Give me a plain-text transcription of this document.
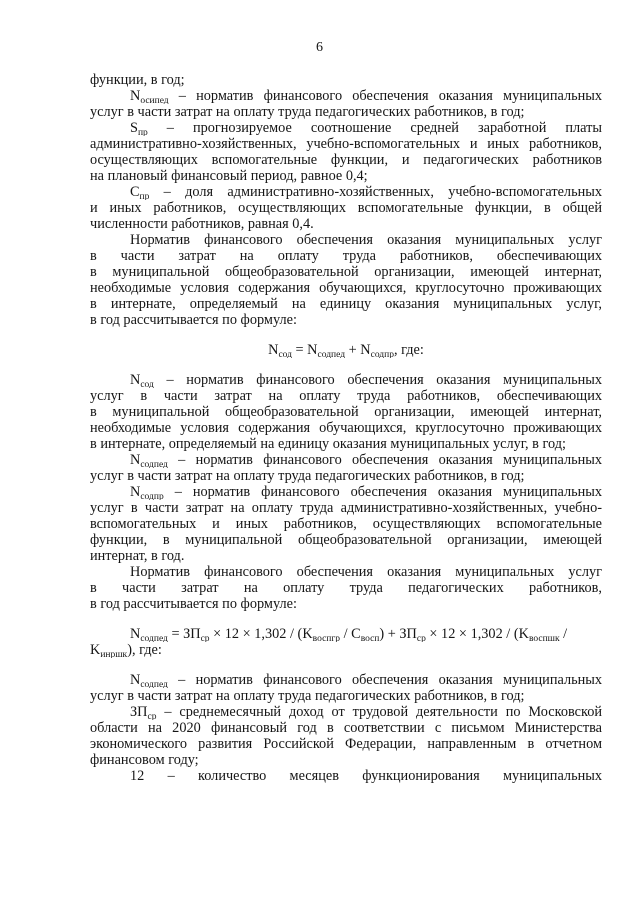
6
функции, в год;
$N_{осипед}$ – норматив финансового обеспечения оказания муниципальных
услуг в части затрат на оплату труда педагогических работников, в год;
$S_{пр}$ – прогнозируемое соотношение средней заработной платы
административно-хозяйственных, учебно-вспомогательных и иных работников,
осуществляющих вспомогательные функции, и педагогических работников
на плановый финансовый период, равное 0,4;
$С_{пр}$ – доля административно-хозяйственных, учебно-вспомогательных
и иных работников, осуществляющих вспомогательные функции, в общей
численности работников, равная 0,4.
Норматив финансового обеспечения оказания муниципальных услуг
в части затрат на оплату труда работников, обеспечивающих
в муниципальной общеобразовательной организации, имеющей интернат,
необходимые условия содержания обучающихся, круглосуточно проживающих
в интернате, определяемый на единицу оказания муниципальных услуг,
в год рассчитывается по формуле:
$N_{сод} = N_{содпед} + N_{содпр}$, где:
$N_{сод}$ – норматив финансового обеспечения оказания муниципальных
услуг в части затрат на оплату труда работников, обеспечивающих
в муниципальной общеобразовательной организации, имеющей интернат,
необходимые условия содержания обучающихся, круглосуточно проживающих
в интернате, определяемый на единицу оказания муниципальных услуг, в год;
$N_{содпед}$ – норматив финансового обеспечения оказания муниципальных
услуг в части затрат на оплату труда педагогических работников, в год;
$N_{содпр}$ – норматив финансового обеспечения оказания муниципальных
услуг в части затрат на оплату труда административно-хозяйственных, учебно-
вспомогательных и иных работников, осуществляющих вспомогательные
функции, в муниципальной общеобразовательной организации, имеющей
интернат, в год.
Норматив финансового обеспечения оказания муниципальных услуг
в части затрат на оплату труда педагогических работников,
в год рассчитывается по формуле:
$N_{содпед} = ЗП_{ср} \times 12 \times 1,302 / (K_{воспгр} / С_{восп}) + ЗП_{ср} \times 12 \times 1,302 / (K_{воспшк}$ /
$K_{инршк}$), где:
$N_{содпед}$ – норматив финансового обеспечения оказания муниципальных
услуг в части затрат на оплату труда педагогических работников, в год;
$ЗП_{ср}$ – среднемесячный доход от трудовой деятельности по Московской
области на 2020 финансовый год в соответствии с письмом Министерства
экономического развития Российской Федерации, направленным в отчетном
финансовом году;
12 – количество месяцев функционирования муниципальных
